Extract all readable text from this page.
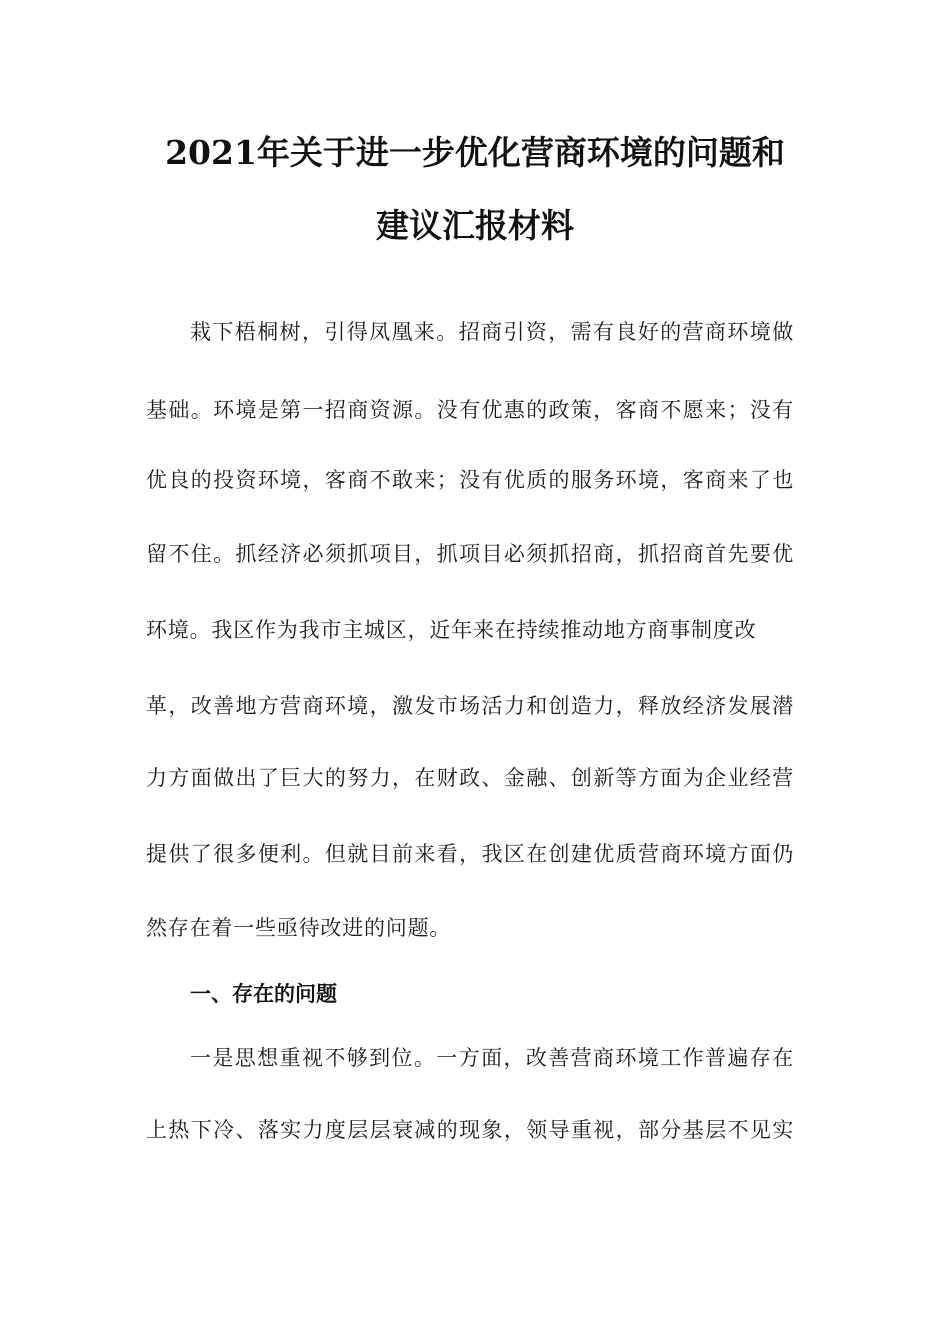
2021年关于进一步优化营商环境的问题和
建议汇报材料
栽下梧桐树，引得凤凰来。招商引资，需有良好的营商环境做
基础。环境是第一招商资源。没有优惠的政策，客商不愿来；没有
优良的投资环境，客商不敢来；没有优质的服务环境，客商来了也
留不住。抓经济必须抓项目，抓项目必须抓招商，抓招商首先要优
环境。我区作为我市主城区，近年来在持续推动地方商事制度改
革，改善地方营商环境，激发市场活力和创造力，释放经济发展潜
力方面做出了巨大的努力，在财政、金融、创新等方面为企业经营
提供了很多便利。但就目前来看，我区在创建优质营商环境方面仍
然存在着一些亟待改进的问题。
一、存在的问题
一是思想重视不够到位。一方面，改善营商环境工作普遍存在
上热下冷、落实力度层层衰减的现象，领导重视，部分基层不见实
